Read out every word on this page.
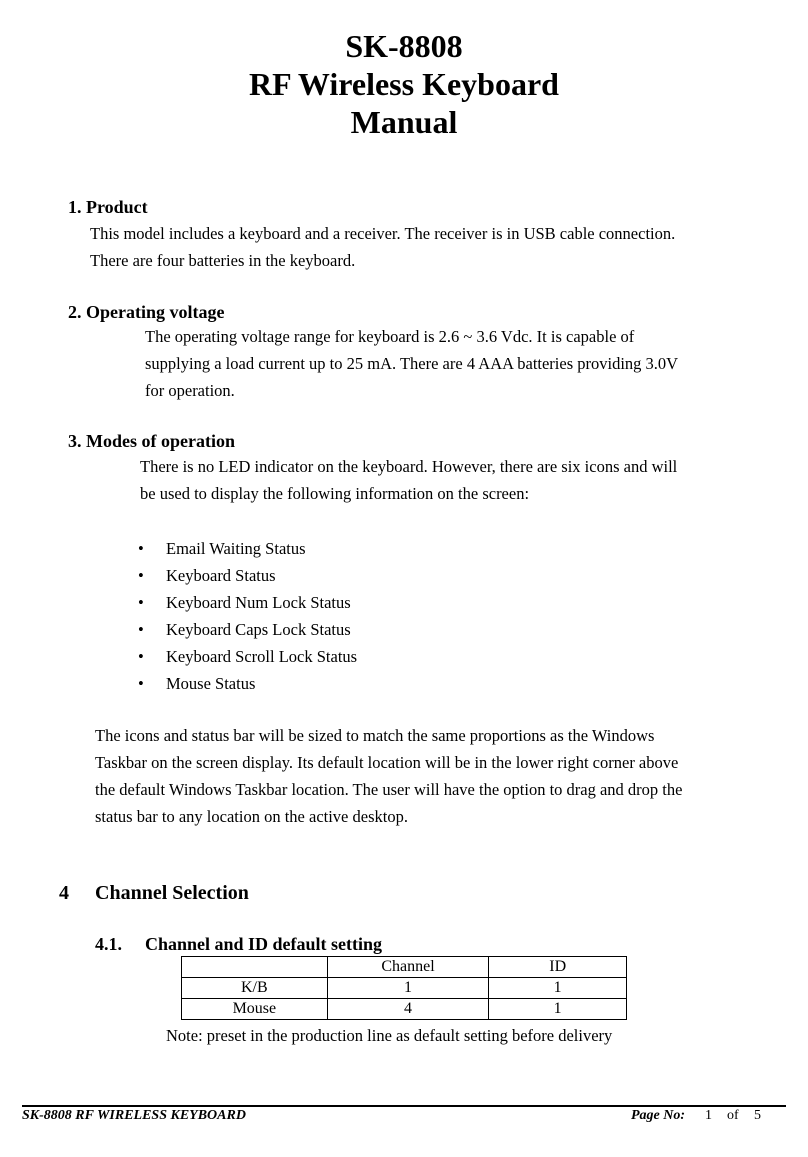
SK-8808
RF Wireless Keyboard
Manual
1. Product
This model includes a keyboard and a receiver. The receiver is in USB cable connection.
There are four batteries in the keyboard.
2. Operating voltage
The operating voltage range for keyboard is 2.6 ~ 3.6 Vdc. It is capable of
supplying a load current up to 25 mA. There are 4 AAA batteries providing 3.0V
for operation.
3. Modes of operation
There is no LED indicator on the keyboard. However, there are six icons and will
be used to display the following information on the screen:
• Email Waiting Status
• Keyboard Status
• Keyboard Num Lock Status
• Keyboard Caps Lock Status
• Keyboard Scroll Lock Status
• Mouse Status
The icons and status bar will be sized to match the same proportions as the Windows
Taskbar on the screen display. Its default location will be in the lower right corner above
the default Windows Taskbar location. The user will have the option to drag and drop the
status bar to any location on the active desktop.
4 Channel Selection
4.1. Channel and ID default setting
	Channel	ID
K/B	1	1
Mouse	4	1
Note: preset in the production line as default setting before delivery
SK-8808 RF WIRELESS KEYBOARD	Page No: 1 of 5
